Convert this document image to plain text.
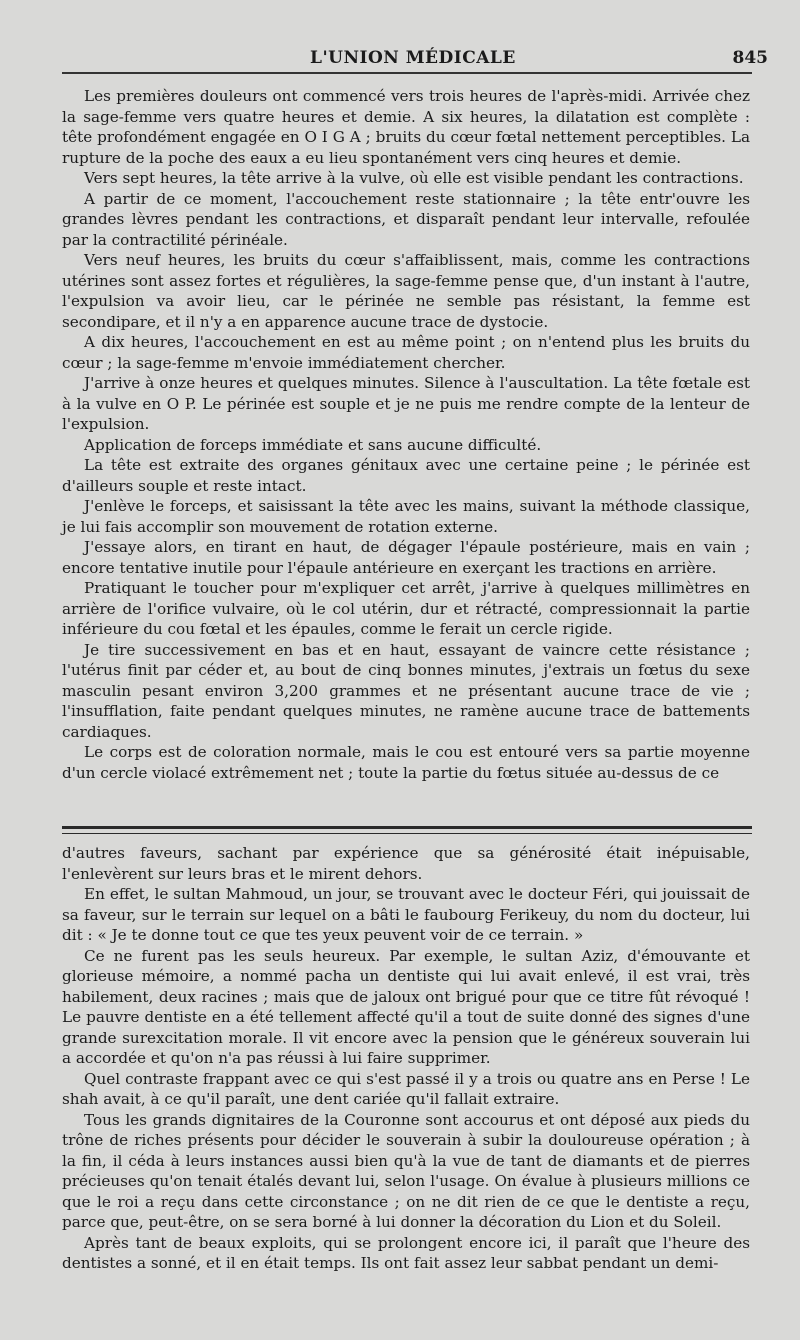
L'UNION MÉDICALE	845

Les premières douleurs ont commencé vers trois heures de l'après-midi. Arrivée chez la sage-femme vers quatre heures et demie. A six heures, la dilatation est complète : tête profondément engagée en O I G A ; bruits du cœur fœtal nettement perceptibles. La rupture de la poche des eaux a eu lieu spontanément vers cinq heures et demie.

Vers sept heures, la tête arrive à la vulve, où elle est visible pendant les contractions.

A partir de ce moment, l'accouchement reste stationnaire ; la tête entr'ouvre les grandes lèvres pendant les contractions, et disparaît pendant leur intervalle, refoulée par la contractilité périnéale.

Vers neuf heures, les bruits du cœur s'affaiblissent, mais, comme les contractions utérines sont assez fortes et régulières, la sage-femme pense que, d'un instant à l'autre, l'expulsion va avoir lieu, car le périnée ne semble pas résistant, la femme est secondipare, et il n'y a en apparence aucune trace de dystocie.

A dix heures, l'accouchement en est au même point ; on n'entend plus les bruits du cœur ; la sage-femme m'envoie immédiatement chercher.

J'arrive à onze heures et quelques minutes. Silence à l'auscultation. La tête fœtale est à la vulve en O P. Le périnée est souple et je ne puis me rendre compte de la lenteur de l'expulsion.

Application de forceps immédiate et sans aucune difficulté.

La tête est extraite des organes génitaux avec une certaine peine ; le périnée est d'ailleurs souple et reste intact.

J'enlève le forceps, et saisissant la tête avec les mains, suivant la méthode classique, je lui fais accomplir son mouvement de rotation externe.

J'essaye alors, en tirant en haut, de dégager l'épaule postérieure, mais en vain ; encore tentative inutile pour l'épaule antérieure en exerçant les tractions en arrière.

Pratiquant le toucher pour m'expliquer cet arrêt, j'arrive à quelques millimètres en arrière de l'orifice vulvaire, où le col utérin, dur et rétracté, compressionnait la partie inférieure du cou fœtal et les épaules, comme le ferait un cercle rigide.

Je tire successivement en bas et en haut, essayant de vaincre cette résistance ; l'utérus finit par céder et, au bout de cinq bonnes minutes, j'extrais un fœtus du sexe masculin pesant environ 3,200 grammes et ne présentant aucune trace de vie ; l'insufflation, faite pendant quelques minutes, ne ramène aucune trace de battements cardiaques.

Le corps est de coloration normale, mais le cou est entouré vers sa partie moyenne d'un cercle violacé extrêmement net ; toute la partie du fœtus située au-dessus de ce

d'autres faveurs, sachant par expérience que sa générosité était inépuisable, l'enlevèrent sur leurs bras et le mirent dehors.

En effet, le sultan Mahmoud, un jour, se trouvant avec le docteur Féri, qui jouissait de sa faveur, sur le terrain sur lequel on a bâti le faubourg Ferikeuy, du nom du docteur, lui dit : « Je te donne tout ce que tes yeux peuvent voir de ce terrain. »

Ce ne furent pas les seuls heureux. Par exemple, le sultan Aziz, d'émouvante et glorieuse mémoire, a nommé pacha un dentiste qui lui avait enlevé, il est vrai, très habilement, deux racines ; mais que de jaloux ont brigué pour que ce titre fût révoqué ! Le pauvre dentiste en a été tellement affecté qu'il a tout de suite donné des signes d'une grande surexcitation morale. Il vit encore avec la pension que le généreux souverain lui a accordée et qu'on n'a pas réussi à lui faire supprimer.

Quel contraste frappant avec ce qui s'est passé il y a trois ou quatre ans en Perse ! Le shah avait, à ce qu'il paraît, une dent cariée qu'il fallait extraire.

Tous les grands dignitaires de la Couronne sont accourus et ont déposé aux pieds du trône de riches présents pour décider le souverain à subir la douloureuse opération ; à la fin, il céda à leurs instances aussi bien qu'à la vue de tant de diamants et de pierres précieuses qu'on tenait étalés devant lui, selon l'usage. On évalue à plusieurs millions ce que le roi a reçu dans cette circonstance ; on ne dit rien de ce que le dentiste a reçu, parce que, peut-être, on se sera borné à lui donner la décoration du Lion et du Soleil.

Après tant de beaux exploits, qui se prolongent encore ici, il paraît que l'heure des dentistes a sonné, et il en était temps. Ils ont fait assez leur sabbat pendant un demi-
